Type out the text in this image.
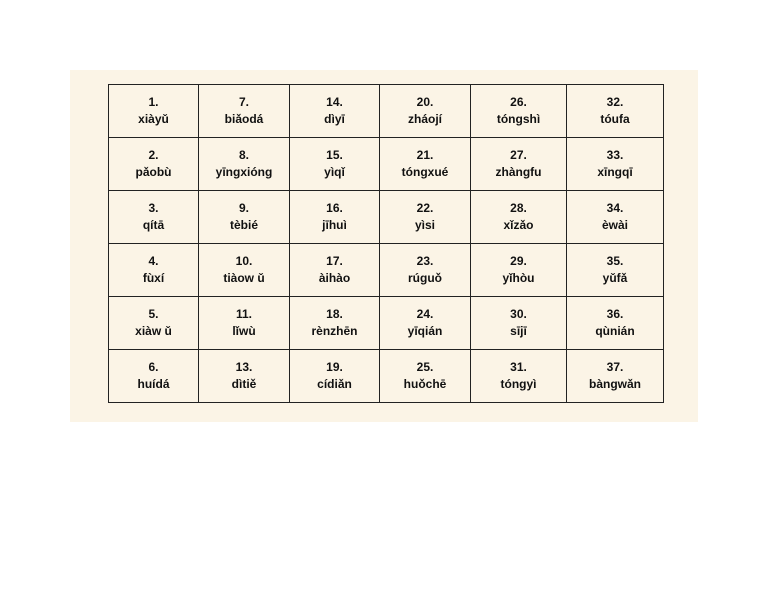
1.
xiàyǔ	7.
biǎodá	14.
dìyī	20.
zháojí	26.
tóngshì	32.
tóufa

2.
pǎobù	8.
yīngxióng	15.
yìqǐ	21.
tóngxué	27.
zhàngfu	33.
xīngqī

3.
qítā	9.
tèbié	16.
jīhuì	22.
yìsi	28.
xǐzǎo	34.
èwài

4.
fùxí	10.
tiàow ǔ	17.
àihào	23.
rúguǒ	29.
yǐhòu	35.
yǔfǎ

5.
xiàw ǔ	11.
lǐwù	18.
rènzhēn	24.
yīqián	30.
sījī	36.
qùnián

6.
huídá	13.
dìtiě	19.
cídiǎn	25.
huǒchē	31.
tóngyì	37.
bàngwǎn
